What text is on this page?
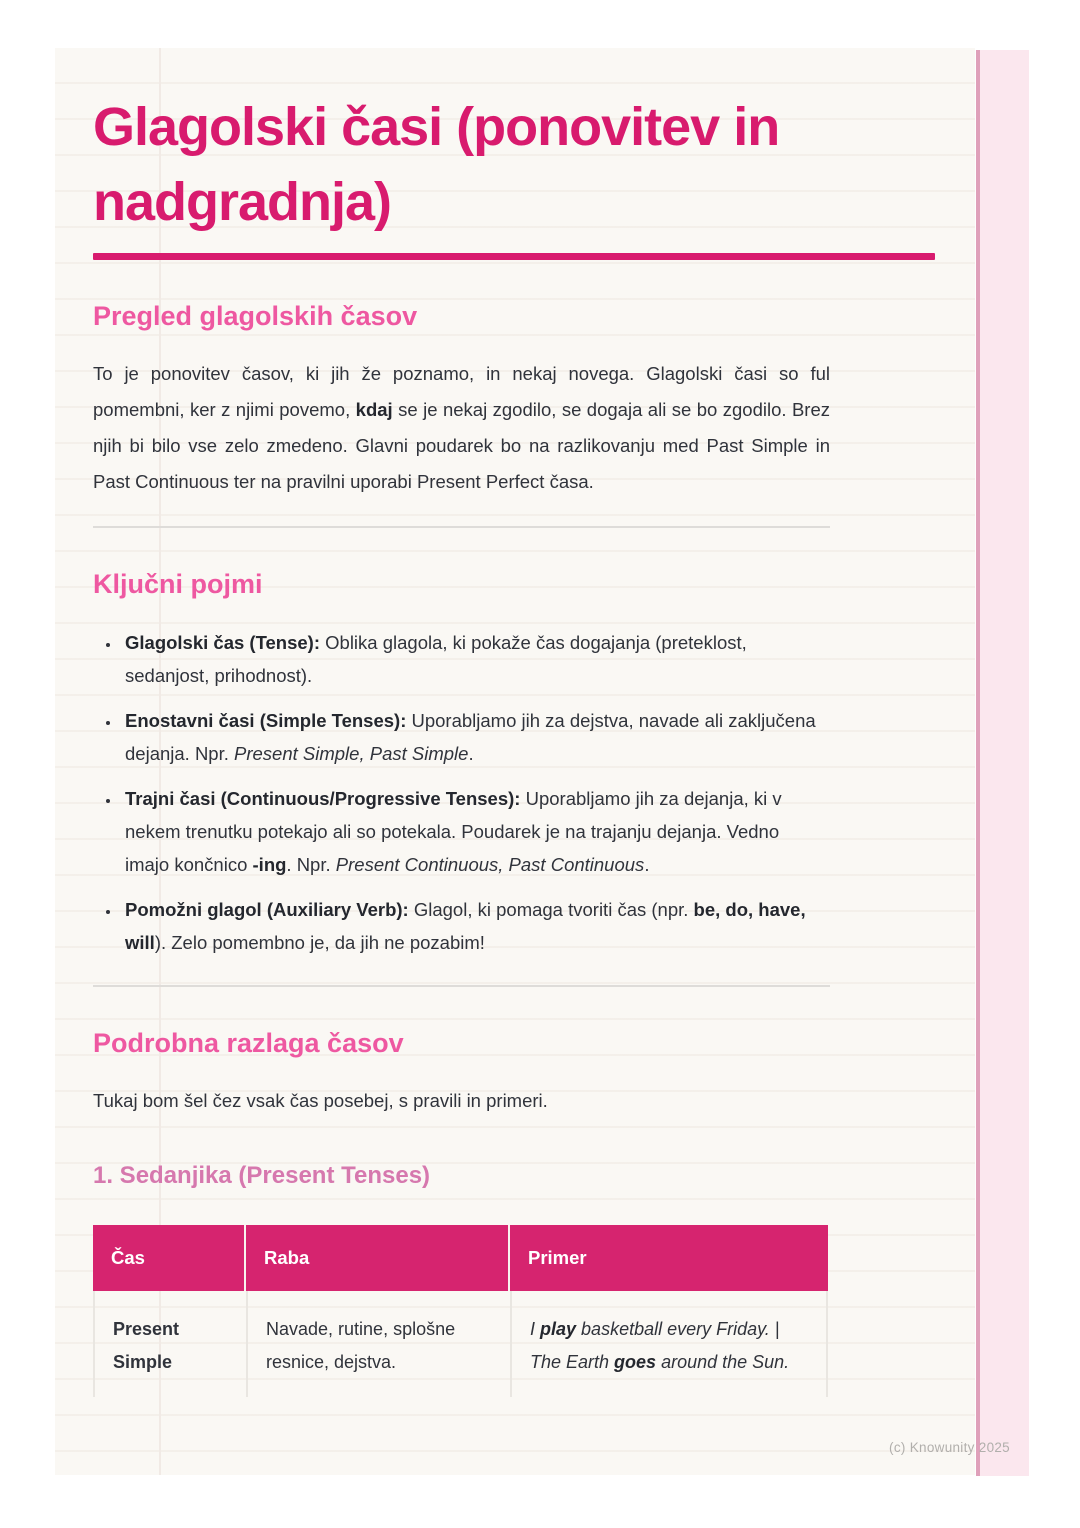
Glagolski časi (ponovitev in nadgradnja)
Pregled glagolskih časov

To je ponovitev časov, ki jih že poznamo, in nekaj novega. Glagolski časi so ful pomembni, ker z njimi povemo, kdaj se je nekaj zgodilo, se dogaja ali se bo zgodilo. Brez njih bi bilo vse zelo zmedeno. Glavni poudarek bo na razlikovanju med Past Simple in Past Continuous ter na pravilni uporabi Present Perfect časa.

Ključni pojmi
• Glagolski čas (Tense): Oblika glagola, ki pokaže čas dogajanja (preteklost, sedanjost, prihodnost).
• Enostavni časi (Simple Tenses): Uporabljamo jih za dejstva, navade ali zaključena dejanja. Npr. Present Simple, Past Simple.
• Trajni časi (Continuous/Progressive Tenses): Uporabljamo jih za dejanja, ki v nekem trenutku potekajo ali so potekala. Poudarek je na trajanju dejanja. Vedno imajo končnico -ing. Npr. Present Continuous, Past Continuous.
• Pomožni glagol (Auxiliary Verb): Glagol, ki pomaga tvoriti čas (npr. be, do, have, will). Zelo pomembno je, da jih ne pozabim!
Podrobna razlaga časov

Tukaj bom šel čez vsak čas posebej, s pravili in primeri.

1. Sedanjika (Present Tenses)
Čas	Raba	Primer
Present Simple	Navade, rutine, splošne resnice, dejstva.	I play basketball every Friday. | The Earth goes around the Sun.
(c) Knowunity 2025
